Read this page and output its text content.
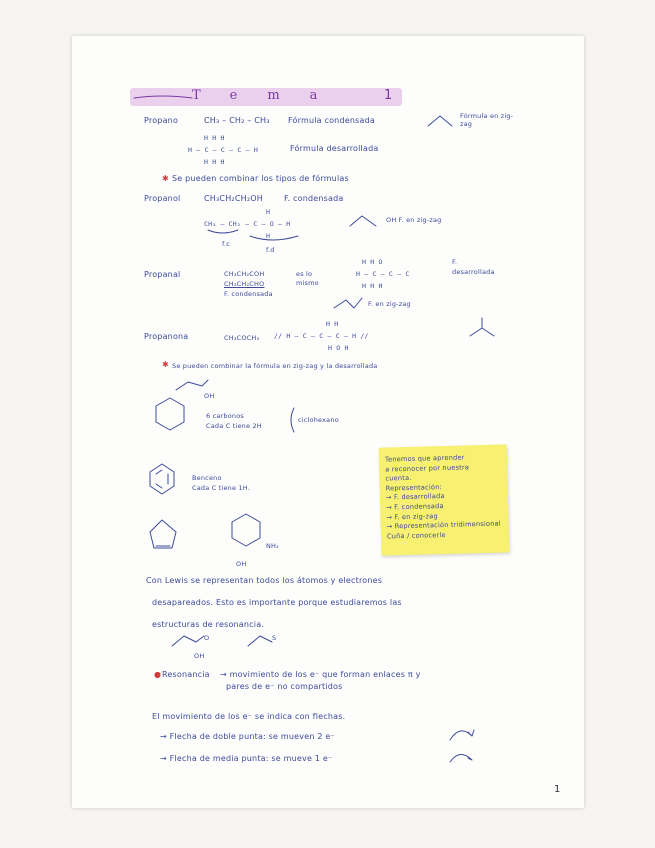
Tema	1
Propano	CH₃ – CH₂ – CH₃ Fórmula condensada	Fórmula en zig-zag
H H H
H – C – C – C – H
H H H
Fórmula desarrollada
✱ Se pueden combinar los tipos de fórmulas
Propanol	CH₃CH₂CH₂OH	F. condensada
H
CH₃ – CH₂ – C – O – H
H
f.c
f.d
OH F. en zig-zag
Propanal	CH₃CH₂COH
CH₃CH₂CHO
es lo mismo
F. condensada
H H O
H – C – C – C
H H H
F.
desarrollada
F. en zig-zag
Propanona	CH₃COCH₃
H H
// H – C – C – C – H //
H O H
✱ Se pueden combinar la fórmula en zig-zag y la desarrollada
OH
6 carbonos
Cada C tiene 2H
ciclohexano
Benceno
Cada C tiene 1H.
NH₂
OH
Tenemos que aprender
a reconocer por nuestra
cuenta.
Representación:
→ F. desarrollada
→ F. condensada
→ F. en zig-zag
→ Representación tridimensional
Cuña / conocerle
Con Lewis se representan todos los átomos y electrones
desapareados. Esto es importante porque estudiaremos las
estructuras de resonancia.
O
OH
S
● Resonancia → movimiento de los e⁻ que forman enlaces π y
pares de e⁻ no compartidos
El movimiento de los e⁻ se indica con flechas.
→ Flecha de doble punta: se mueven 2 e⁻
→ Flecha de media punta: se mueve 1 e⁻
1
